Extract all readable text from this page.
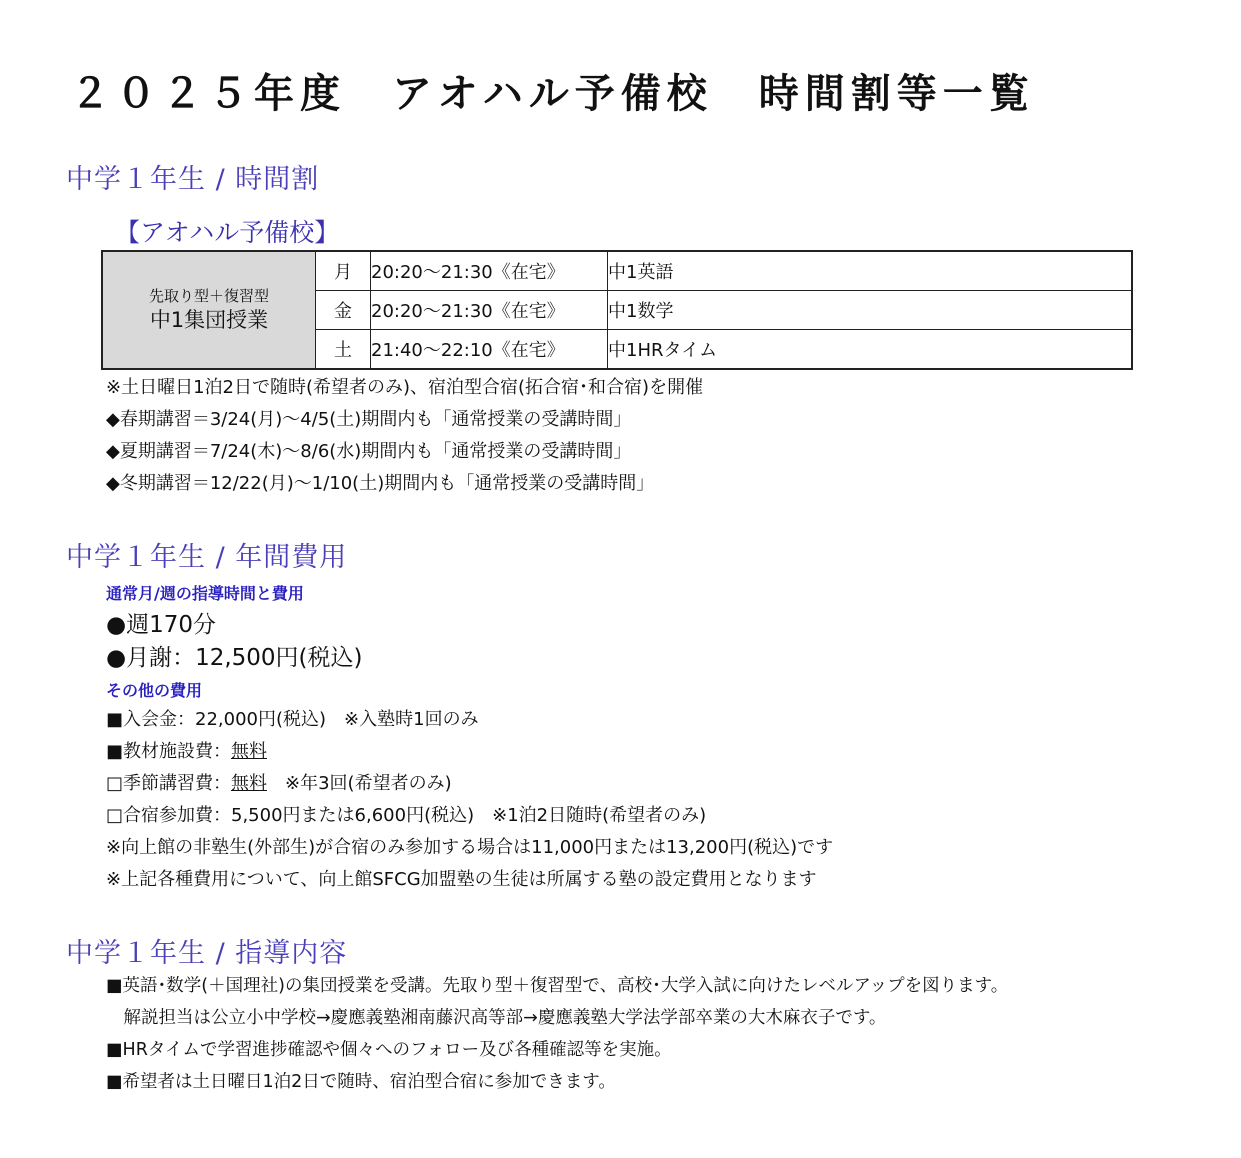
２０２５年度　アオハル予備校　時間割等一覧
中学１年生 / 時間割
【アオハル予備校】
先取り型＋復習型
中1集団授業	月	20:20～21:30《在宅》	中1英語
	金	20:20～21:30《在宅》	中1数学
	土	21:40～22:10《在宅》	中1HRタイム
※土日曜日1泊2日で随時(希望者のみ)、宿泊型合宿(拓合宿･和合宿)を開催
◆春期講習＝3/24(月)～4/5(土)期間内も「通常授業の受講時間」
◆夏期講習＝7/24(木)～8/6(水)期間内も「通常授業の受講時間」
◆冬期講習＝12/22(月)～1/10(土)期間内も「通常授業の受講時間」
中学１年生 / 年間費用
通常月/週の指導時間と費用
●週170分
●月謝：12,500円(税込)
その他の費用
■入会金：22,000円(税込)　※入塾時1回のみ
■教材施設費：無料
□季節講習費：無料　※年3回(希望者のみ)
□合宿参加費：5,500円または6,600円(税込)　※1泊2日随時(希望者のみ)
※向上館の非塾生(外部生)が合宿のみ参加する場合は11,000円または13,200円(税込)です
※上記各種費用について、向上館SFCG加盟塾の生徒は所属する塾の設定費用となります
中学１年生 / 指導内容
■英語･数学(＋国理社)の集団授業を受講。先取り型＋復習型で、高校･大学入試に向けたレベルアップを図ります。
　解説担当は公立小中学校→慶應義塾湘南藤沢高等部→慶應義塾大学法学部卒業の大木麻衣子です。
■HRタイムで学習進捗確認や個々へのフォロー及び各種確認等を実施。
■希望者は土日曜日1泊2日で随時、宿泊型合宿に参加できます。
